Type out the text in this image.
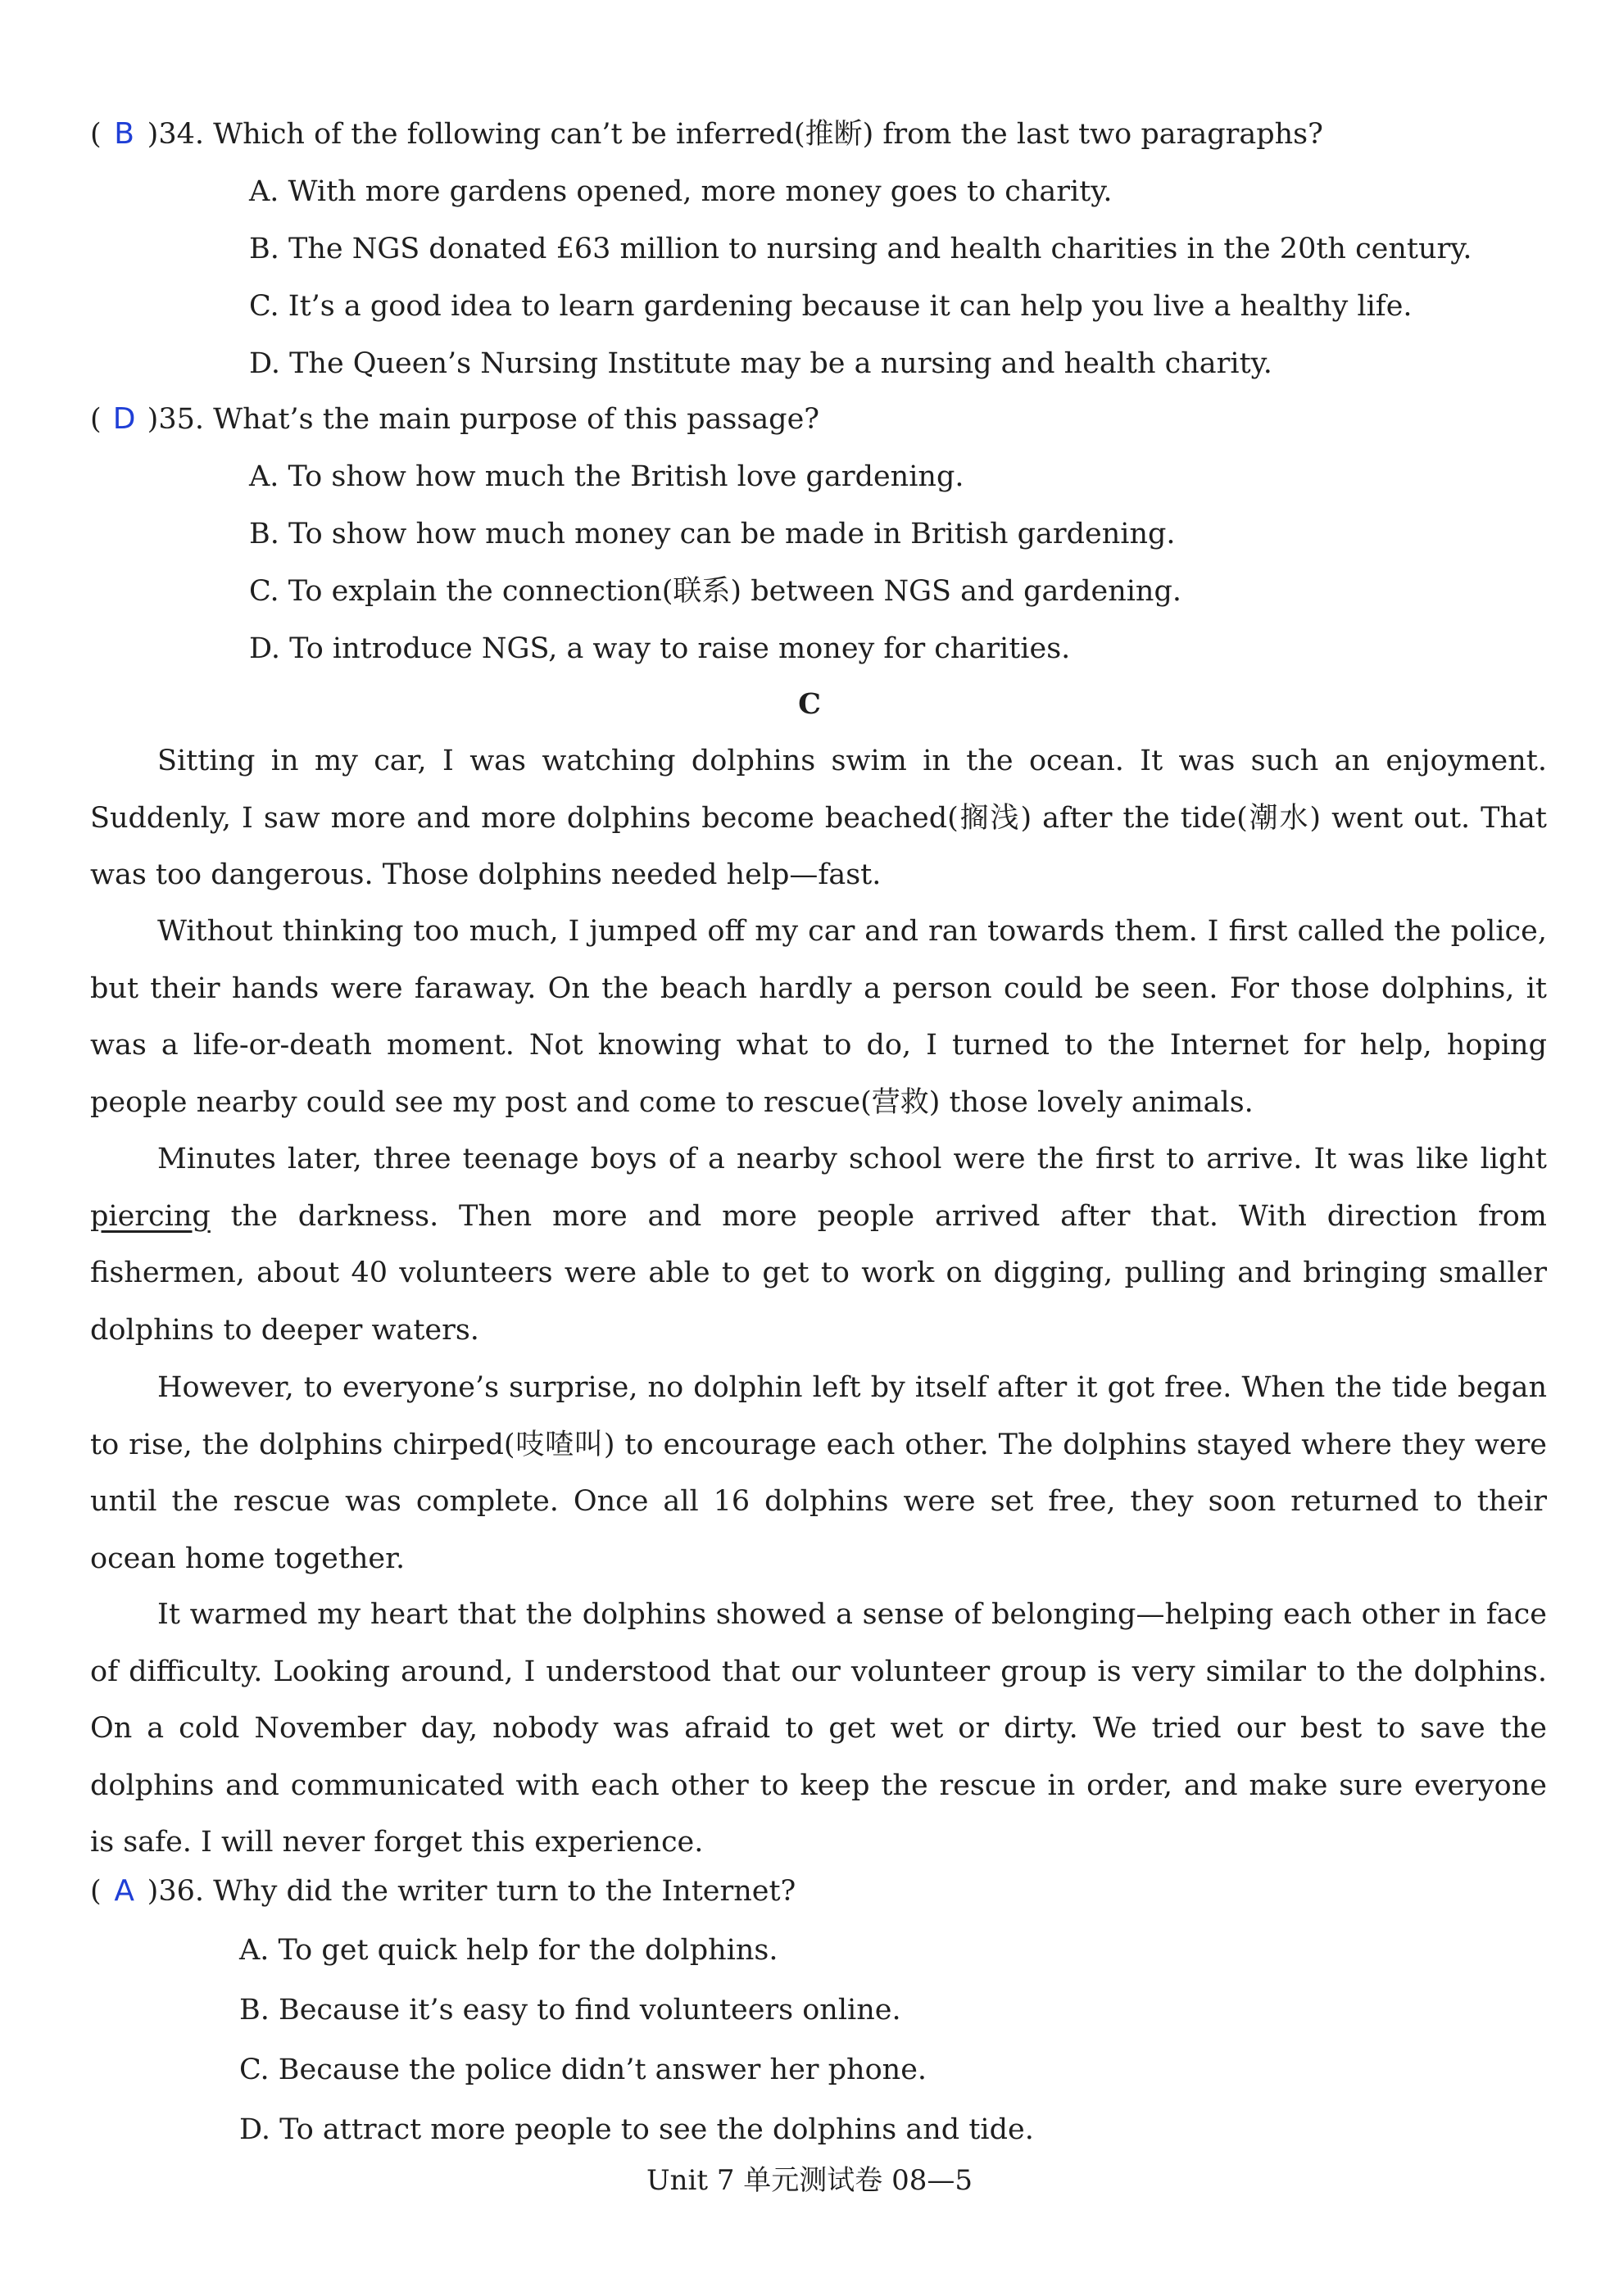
( B )34. Which of the following can’t be inferred(推断) from the last two paragraphs?
A. With more gardens opened, more money goes to charity.
B. The NGS donated £63 million to nursing and health charities in the 20th century.
C. It’s a good idea to learn gardening because it can help you live a healthy life.
D. The Queen’s Nursing Institute may be a nursing and health charity.
( D )35. What’s the main purpose of this passage?
A. To show how much the British love gardening.
B. To show how much money can be made in British gardening.
C. To explain the connection(联系) between NGS and gardening.
D. To introduce NGS, a way to raise money for charities.
C

Sitting in my car, I was watching dolphins swim in the ocean. It was such an enjoyment. Suddenly, I saw more and more dolphins become beached(搁浅) after the tide(潮水) went out. That was too dangerous. Those dolphins needed help—fast.

Without thinking too much, I jumped off my car and ran towards them. I first called the police, but their hands were faraway. On the beach hardly a person could be seen. For those dolphins, it was a life-or-death moment. Not knowing what to do, I turned to the Internet for help, hoping people nearby could see my post and come to rescue(营救) those lovely animals.

Minutes later, three teenage boys of a nearby school were the first to arrive. It was like light piercing the darkness. Then more and more people arrived after that. With direction from fishermen, about 40 volunteers were able to get to work on digging, pulling and bringing smaller dolphins to deeper waters.

However, to everyone’s surprise, no dolphin left by itself after it got free. When the tide began to rise, the dolphins chirped(吱喳叫) to encourage each other. The dolphins stayed where they were until the rescue was complete. Once all 16 dolphins were set free, they soon returned to their ocean home together.

It warmed my heart that the dolphins showed a sense of belonging—helping each other in face of difficulty. Looking around, I understood that our volunteer group is very similar to the dolphins. On a cold November day, nobody was afraid to get wet or dirty. We tried our best to save the dolphins and communicated with each other to keep the rescue in order, and make sure everyone is safe. I will never forget this experience.

( A )36. Why did the writer turn to the Internet?
A. To get quick help for the dolphins.
B. Because it’s easy to find volunteers online.
C. Because the police didn’t answer her phone.
D. To attract more people to see the dolphins and tide.
Unit 7 单元测试卷 08—5
